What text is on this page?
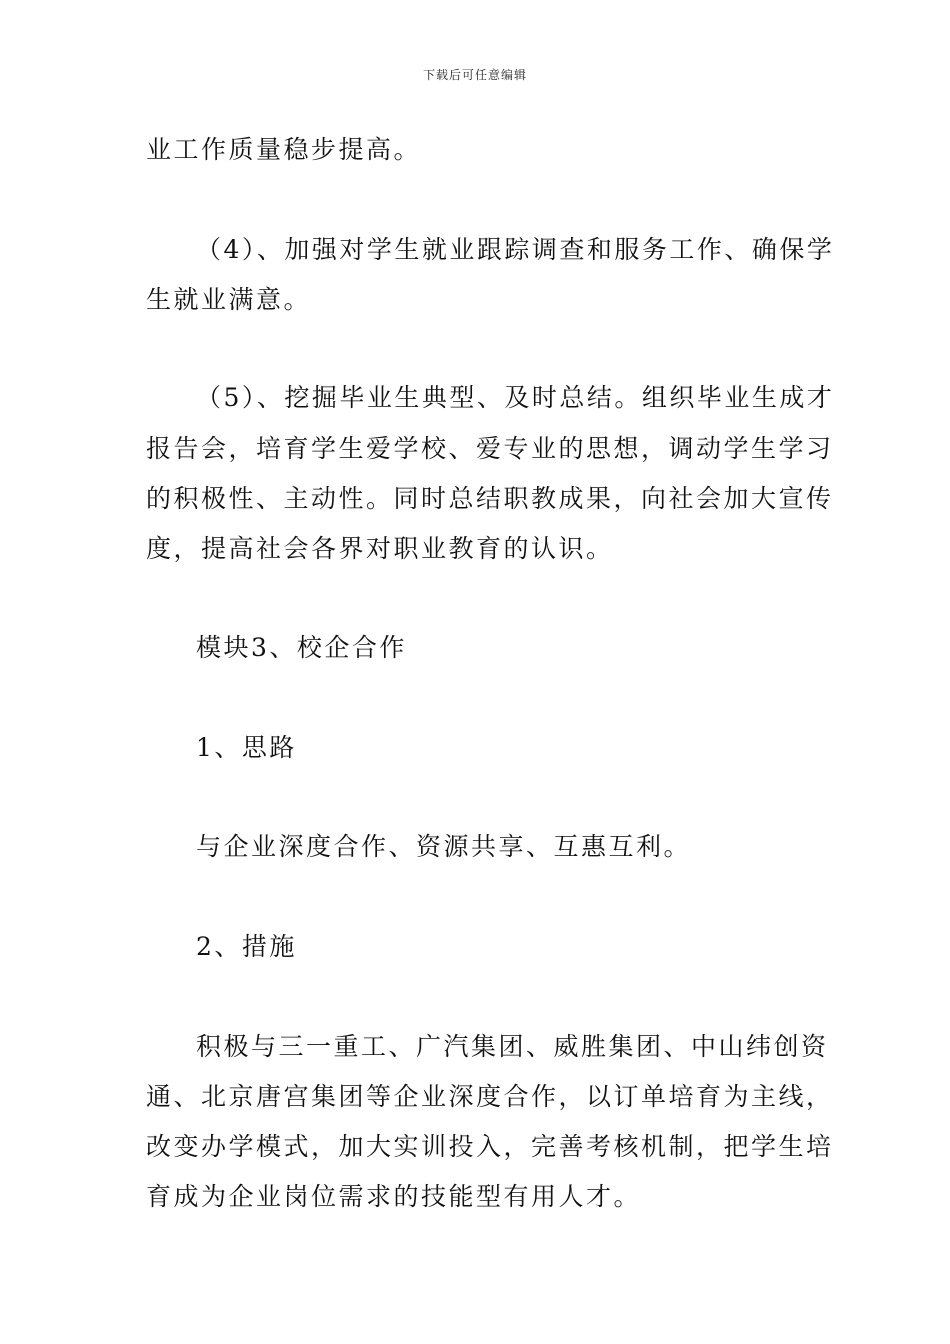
下载后可任意编辑
业工作质量稳步提高。
（4）、加强对学生就业跟踪调查和服务工作、确保学
生就业满意。
（5）、挖掘毕业生典型、及时总结。组织毕业生成才
报告会，培育学生爱学校、爱专业的思想，调动学生学习
的积极性、主动性。同时总结职教成果，向社会加大宣传
度，提高社会各界对职业教育的认识。
模块3、校企合作
1、思路
与企业深度合作、资源共享、互惠互利。
2、措施
积极与三一重工、广汽集团、威胜集团、中山纬创资
通、北京唐宫集团等企业深度合作，以订单培育为主线，
改变办学模式，加大实训投入，完善考核机制，把学生培
育成为企业岗位需求的技能型有用人才。
